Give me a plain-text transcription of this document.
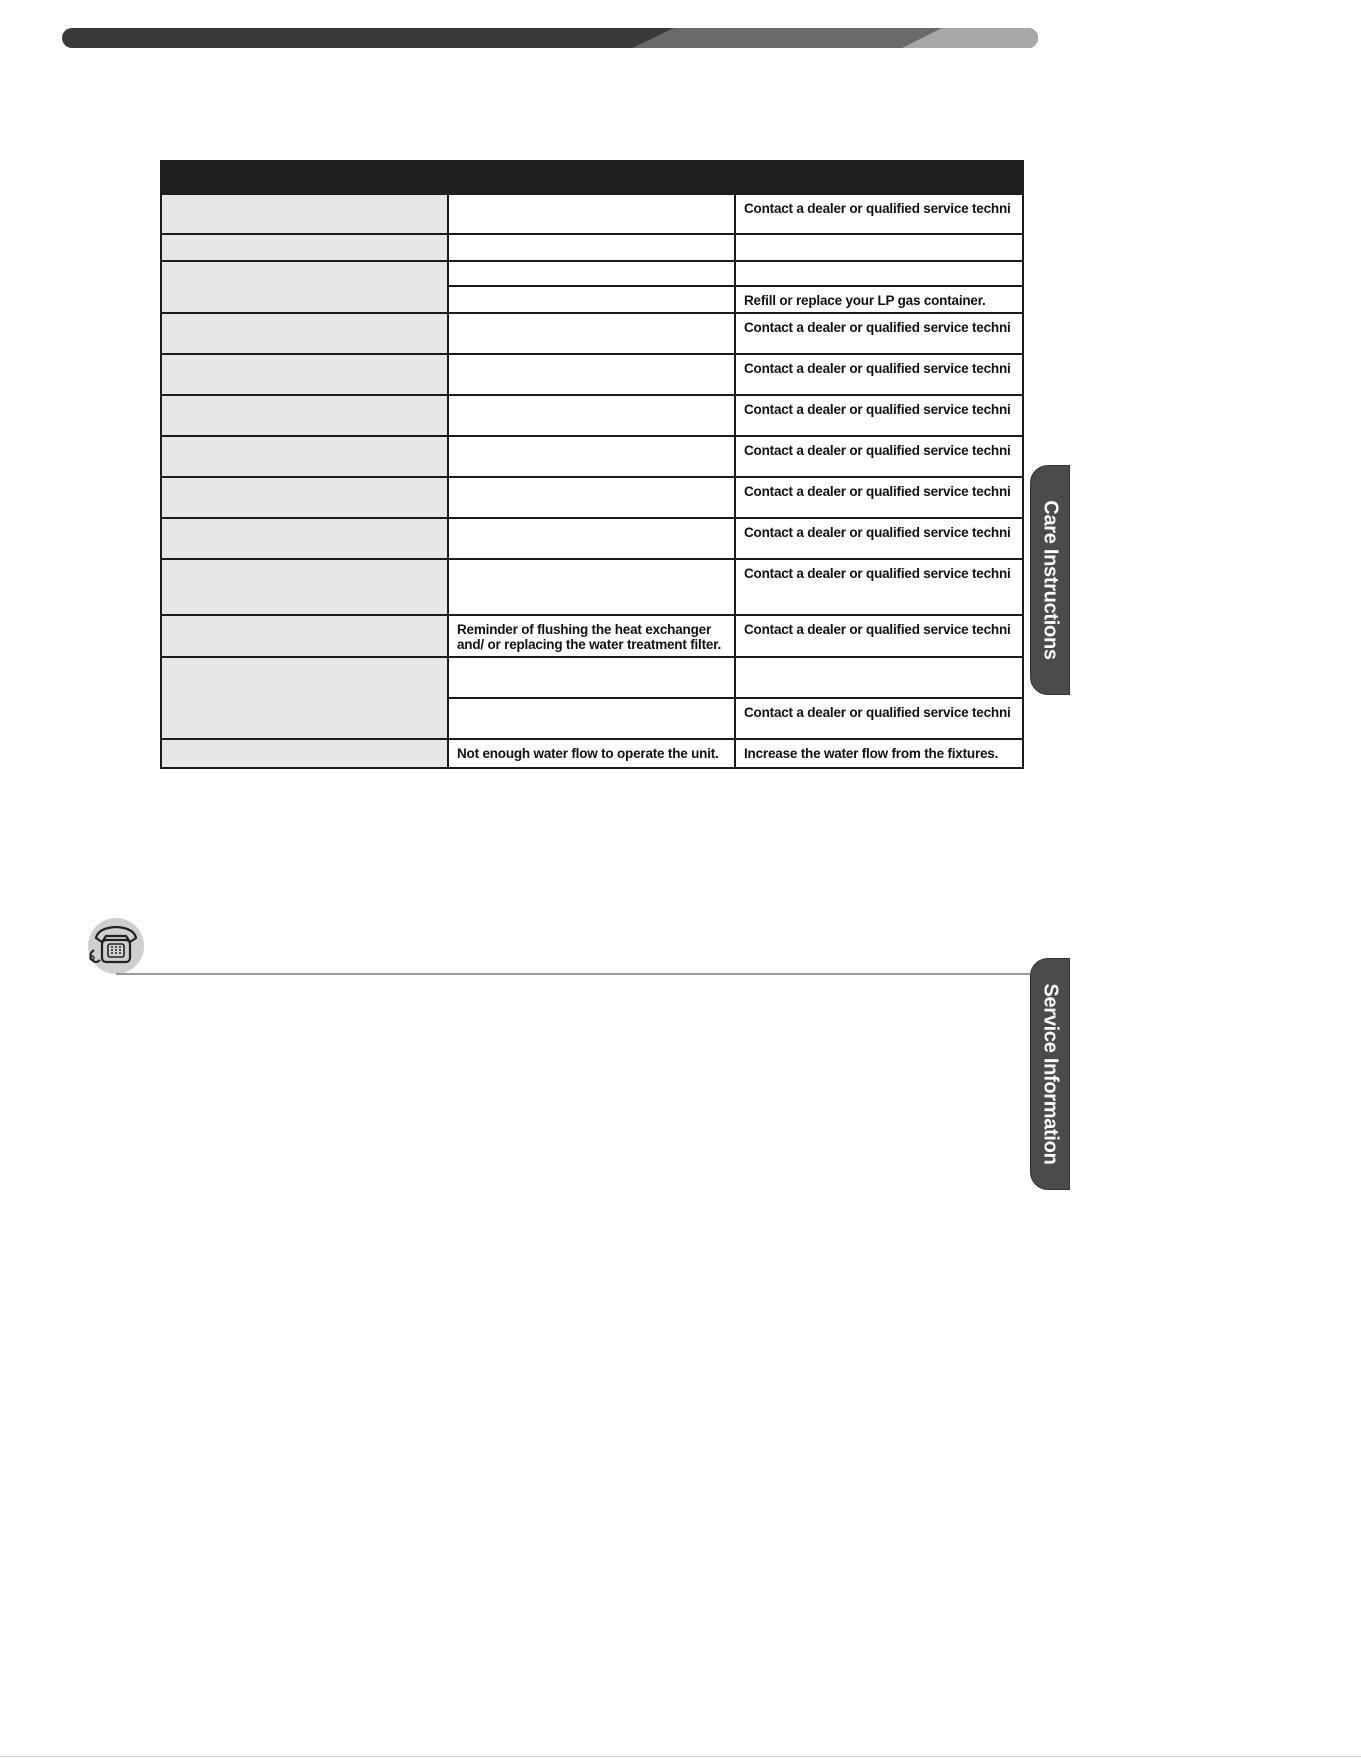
		Contact a dealer or qualified service techni

		Refill or replace your LP gas container.
		Contact a dealer or qualified service techni
		Contact a dealer or qualified service techni
		Contact a dealer or qualified service techni
		Contact a dealer or qualified service techni
		Contact a dealer or qualified service techni
		Contact a dealer or qualified service techni
		Contact a dealer or qualified service techni
	Reminder of flushing the heat exchanger and/ or replacing the water treatment filter.	Contact a dealer or qualified service techni

		Contact a dealer or qualified service techni
	Not enough water flow to operate the unit.	Increase the water flow from the fixtures.
Care Instructions
Service Information
